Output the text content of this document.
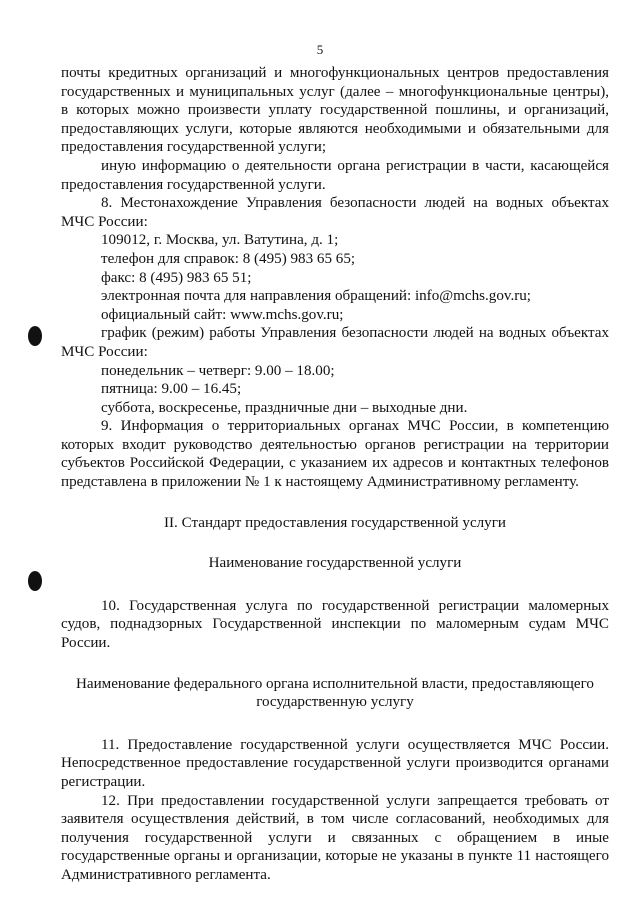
5

почты кредитных организаций и многофункциональных центров предоставления государственных и муниципальных услуг (далее – многофункциональные центры), в которых можно произвести уплату государственной пошлины, и организаций, предоставляющих услуги, которые являются необходимыми и обязательными для предоставления государственной услуги;

иную информацию о деятельности органа регистрации в части, касающейся предоставления государственной услуги.

8. Местонахождение Управления безопасности людей на водных объектах МЧС России:

109012, г. Москва, ул. Ватутина, д. 1;

телефон для справок: 8 (495) 983 65 65;

факс: 8 (495) 983 65 51;

электронная почта для направления обращений: info@mchs.gov.ru;

официальный сайт: www.mchs.gov.ru;

график (режим) работы Управления безопасности людей на водных объектах МЧС России:

понедельник – четверг: 9.00 – 18.00;

пятница: 9.00 – 16.45;

суббота, воскресенье, праздничные дни – выходные дни.

9. Информация о территориальных органах МЧС России, в компетенцию которых входит руководство деятельностью органов регистрации на территории субъектов Российской Федерации, с указанием их адресов и контактных телефонов представлена в приложении № 1 к настоящему Административному регламенту.

II. Стандарт предоставления государственной услуги

Наименование государственной услуги

10. Государственная услуга по государственной регистрации маломерных судов, поднадзорных Государственной инспекции по маломерным судам МЧС России.

Наименование федерального органа исполнительной власти, предоставляющего государственную услугу

11. Предоставление государственной услуги осуществляется МЧС России. Непосредственное предоставление государственной услуги производится органами регистрации.

12. При предоставлении государственной услуги запрещается требовать от заявителя осуществления действий, в том числе согласований, необходимых для получения государственной услуги и связанных с обращением в иные государственные органы и организации, которые не указаны в пункте 11 настоящего Административного регламента.
